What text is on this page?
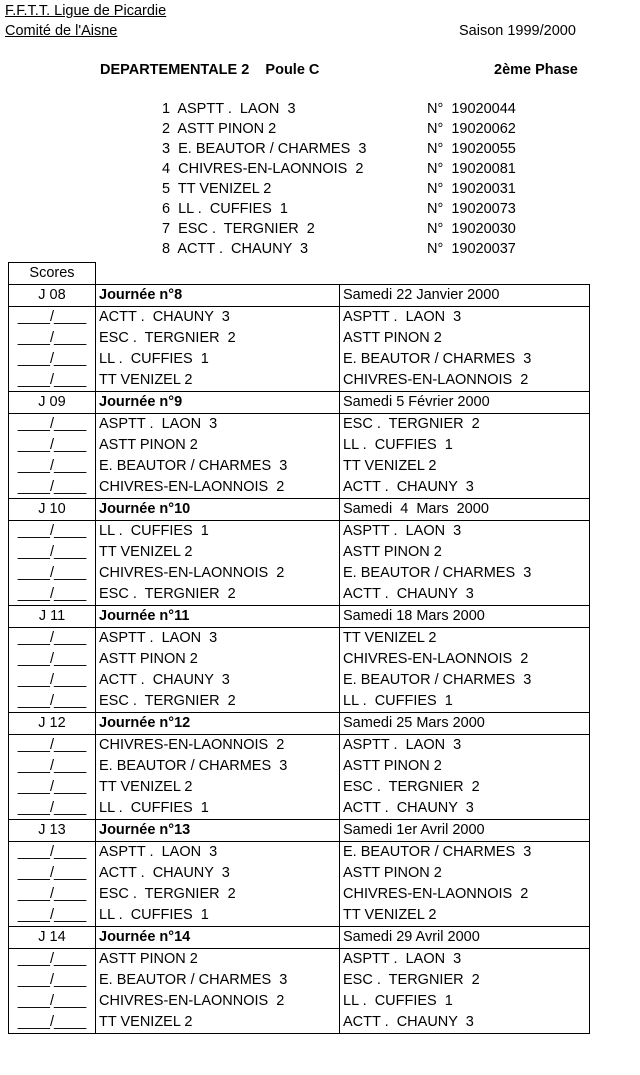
F.F.T.T. Ligue de Picardie
Comité de l'Aisne	Saison 1999/2000
DEPARTEMENTALE 2    Poule C	2ème Phase
1  ASPTT .  LAON  3	N°  19020044
2  ASTT PINON 2	N°  19020062
3  E. BEAUTOR / CHARMES  3	N°  19020055
4  CHIVRES-EN-LAONNOIS  2	N°  19020081
5  TT VENIZEL 2	N°  19020031
6  LL .  CUFFIES  1	N°  19020073
7  ESC .  TERGNIER  2	N°  19020030
8  ACTT .  CHAUNY  3	N°  19020037
Scores		
J 08	Journée n°8	Samedi 22 Janvier 2000
____/____	ACTT .  CHAUNY  3	ASPTT .  LAON  3
____/____	ESC .  TERGNIER  2	ASTT PINON 2
____/____	LL .  CUFFIES  1	E. BEAUTOR / CHARMES  3
____/____	TT VENIZEL 2	CHIVRES-EN-LAONNOIS  2
J 09	Journée n°9	Samedi 5 Février 2000
____/____	ASPTT .  LAON  3	ESC .  TERGNIER  2
____/____	ASTT PINON 2	LL .  CUFFIES  1
____/____	E. BEAUTOR / CHARMES  3	TT VENIZEL 2
____/____	CHIVRES-EN-LAONNOIS  2	ACTT .  CHAUNY  3
J 10	Journée n°10	Samedi  4  Mars  2000
____/____	LL .  CUFFIES  1	ASPTT .  LAON  3
____/____	TT VENIZEL 2	ASTT PINON 2
____/____	CHIVRES-EN-LAONNOIS  2	E. BEAUTOR / CHARMES  3
____/____	ESC .  TERGNIER  2	ACTT .  CHAUNY  3
J 11	Journée n°11	Samedi 18 Mars 2000
____/____	ASPTT .  LAON  3	TT VENIZEL 2
____/____	ASTT PINON 2	CHIVRES-EN-LAONNOIS  2
____/____	ACTT .  CHAUNY  3	E. BEAUTOR / CHARMES  3
____/____	ESC .  TERGNIER  2	LL .  CUFFIES  1
J 12	Journée n°12	Samedi 25 Mars 2000
____/____	CHIVRES-EN-LAONNOIS  2	ASPTT .  LAON  3
____/____	E. BEAUTOR / CHARMES  3	ASTT PINON 2
____/____	TT VENIZEL 2	ESC .  TERGNIER  2
____/____	LL .  CUFFIES  1	ACTT .  CHAUNY  3
J 13	Journée n°13	Samedi 1er Avril 2000
____/____	ASPTT .  LAON  3	E. BEAUTOR / CHARMES  3
____/____	ACTT .  CHAUNY  3	ASTT PINON 2
____/____	ESC .  TERGNIER  2	CHIVRES-EN-LAONNOIS  2
____/____	LL .  CUFFIES  1	TT VENIZEL 2
J 14	Journée n°14	Samedi 29 Avril 2000
____/____	ASTT PINON 2	ASPTT .  LAON  3
____/____	E. BEAUTOR / CHARMES  3	ESC .  TERGNIER  2
____/____	CHIVRES-EN-LAONNOIS  2	LL .  CUFFIES  1
____/____	TT VENIZEL 2	ACTT .  CHAUNY  3
